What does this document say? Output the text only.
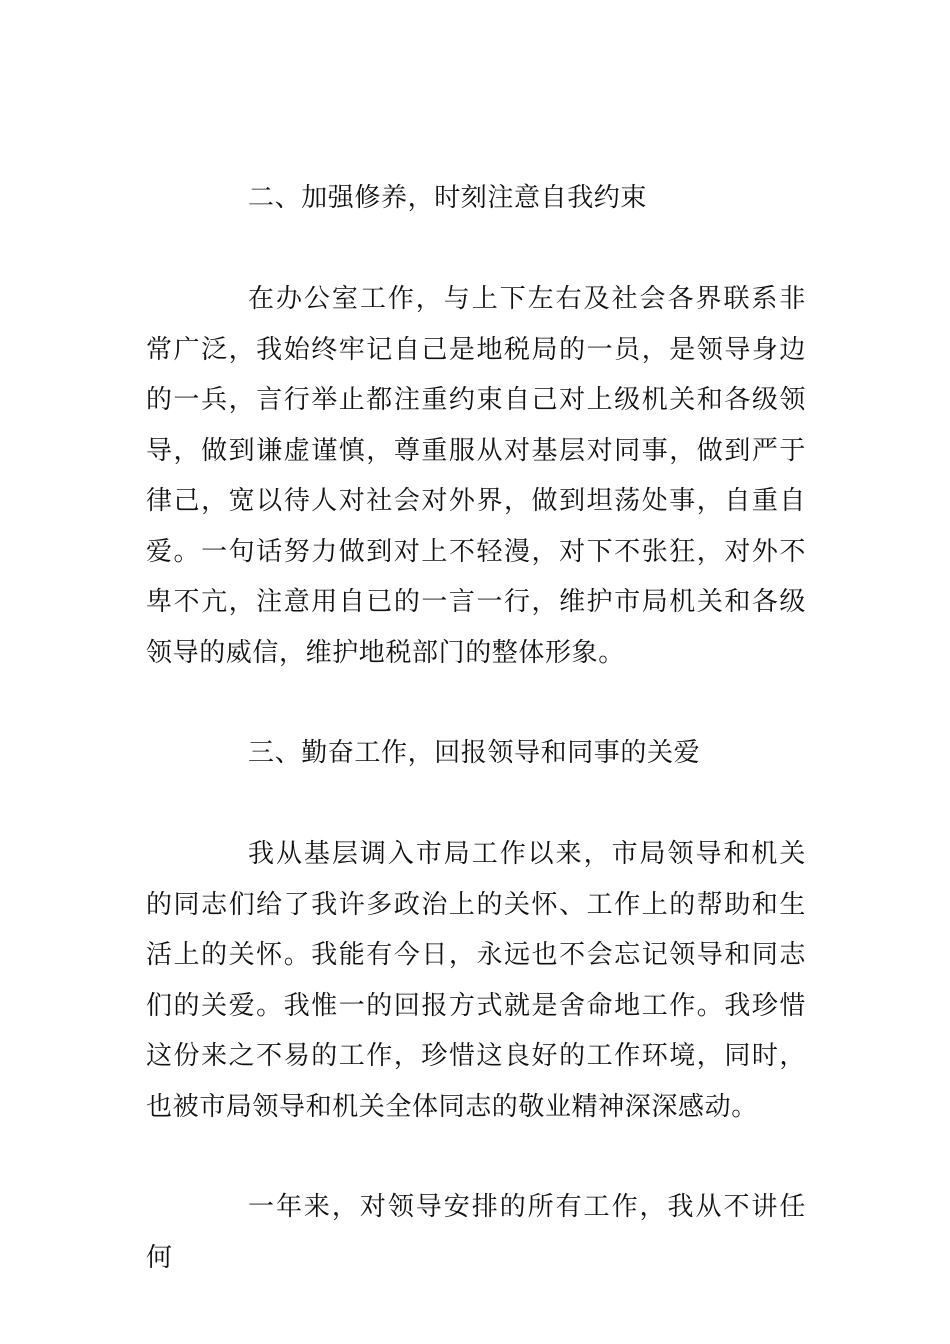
二、加强修养，时刻注意自我约束

在办公室工作，与上下左右及社会各界联系非常广泛，我始终牢记自己是地税局的一员，是领导身边的一兵，言行举止都注重约束自己对上级机关和各级领导，做到谦虚谨慎，尊重服从对基层对同事，做到严于律己，宽以待人对社会对外界，做到坦荡处事，自重自爱。一句话努力做到对上不轻漫，对下不张狂，对外不卑不亢，注意用自已的一言一行，维护市局机关和各级领导的威信，维护地税部门的整体形象。

三、勤奋工作，回报领导和同事的关爱

我从基层调入市局工作以来，市局领导和机关的同志们给了我许多政治上的关怀、工作上的帮助和生活上的关怀。我能有今日，永远也不会忘记领导和同志们的关爱。我惟一的回报方式就是舍命地工作。我珍惜这份来之不易的工作，珍惜这良好的工作环境，同时，也被市局领导和机关全体同志的敬业精神深深感动。

一年来，对领导安排的所有工作，我从不讲任何
